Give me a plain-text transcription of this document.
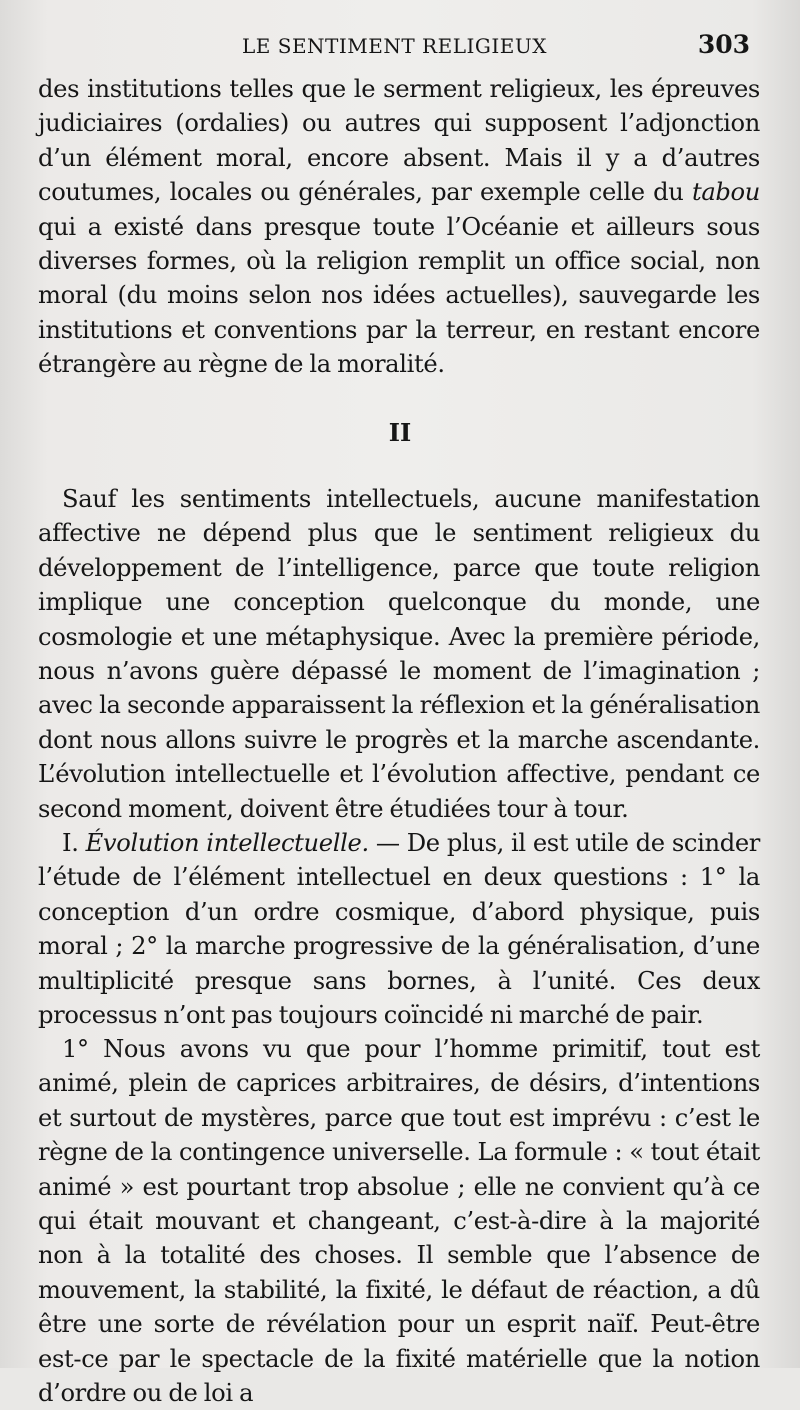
LE SENTIMENT RELIGIEUX	303

des institutions telles que le serment religieux, les épreuves judiciaires (ordalies) ou autres qui supposent l’adjonction d’un élément moral, encore absent. Mais il y a d’autres coutumes, locales ou générales, par exemple celle du tabou qui a existé dans presque toute l’Océanie et ailleurs sous diverses formes, où la religion remplit un office social, non moral (du moins selon nos idées actuelles), sauvegarde les institutions et conventions par la terreur, en restant encore étrangère au règne de la moralité.

II

Sauf les sentiments intellectuels, aucune manifestation affective ne dépend plus que le sentiment religieux du développement de l’intelligence, parce que toute religion implique une conception quelconque du monde, une cosmologie et une métaphysique. Avec la première période, nous n’avons guère dépassé le moment de l’imagination ; avec la seconde apparaissent la réflexion et la généralisation dont nous allons suivre le progrès et la marche ascendante. L’évolution intellectuelle et l’évolution affective, pendant ce second moment, doivent être étudiées tour à tour.

I. Évolution intellectuelle. — De plus, il est utile de scinder l’étude de l’élément intellectuel en deux questions : 1° la conception d’un ordre cosmique, d’abord physique, puis moral ; 2° la marche progressive de la généralisation, d’une multiplicité presque sans bornes, à l’unité. Ces deux processus n’ont pas toujours coïncidé ni marché de pair.

1° Nous avons vu que pour l’homme primitif, tout est animé, plein de caprices arbitraires, de désirs, d’intentions et surtout de mystères, parce que tout est imprévu : c’est le règne de la contingence universelle. La formule : « tout était animé » est pourtant trop absolue ; elle ne convient qu’à ce qui était mouvant et changeant, c’est-à-dire à la majorité non à la totalité des choses. Il semble que l’absence de mouvement, la stabilité, la fixité, le défaut de réaction, a dû être une sorte de révélation pour un esprit naïf. Peut-être est-ce par le spectacle de la fixité matérielle que la notion d’ordre ou de loi a
